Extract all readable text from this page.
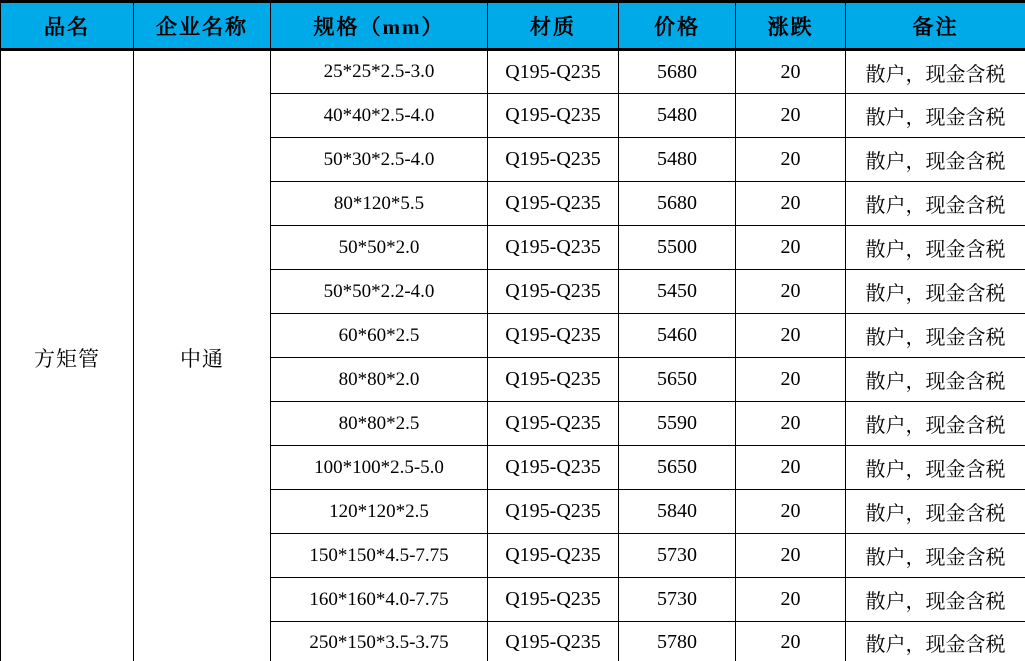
品名	企业名称	规格（mm）	材质	价格	涨跌	备注
方矩管	中通	25*25*2.5-3.0	Q195-Q235	5680	20	散户，现金含税
		40*40*2.5-4.0	Q195-Q235	5480	20	散户，现金含税
		50*30*2.5-4.0	Q195-Q235	5480	20	散户，现金含税
		80*120*5.5	Q195-Q235	5680	20	散户，现金含税
		50*50*2.0	Q195-Q235	5500	20	散户，现金含税
		50*50*2.2-4.0	Q195-Q235	5450	20	散户，现金含税
		60*60*2.5	Q195-Q235	5460	20	散户，现金含税
		80*80*2.0	Q195-Q235	5650	20	散户，现金含税
		80*80*2.5	Q195-Q235	5590	20	散户，现金含税
		100*100*2.5-5.0	Q195-Q235	5650	20	散户，现金含税
		120*120*2.5	Q195-Q235	5840	20	散户，现金含税
		150*150*4.5-7.75	Q195-Q235	5730	20	散户，现金含税
		160*160*4.0-7.75	Q195-Q235	5730	20	散户，现金含税
		250*150*3.5-3.75	Q195-Q235	5780	20	散户，现金含税
